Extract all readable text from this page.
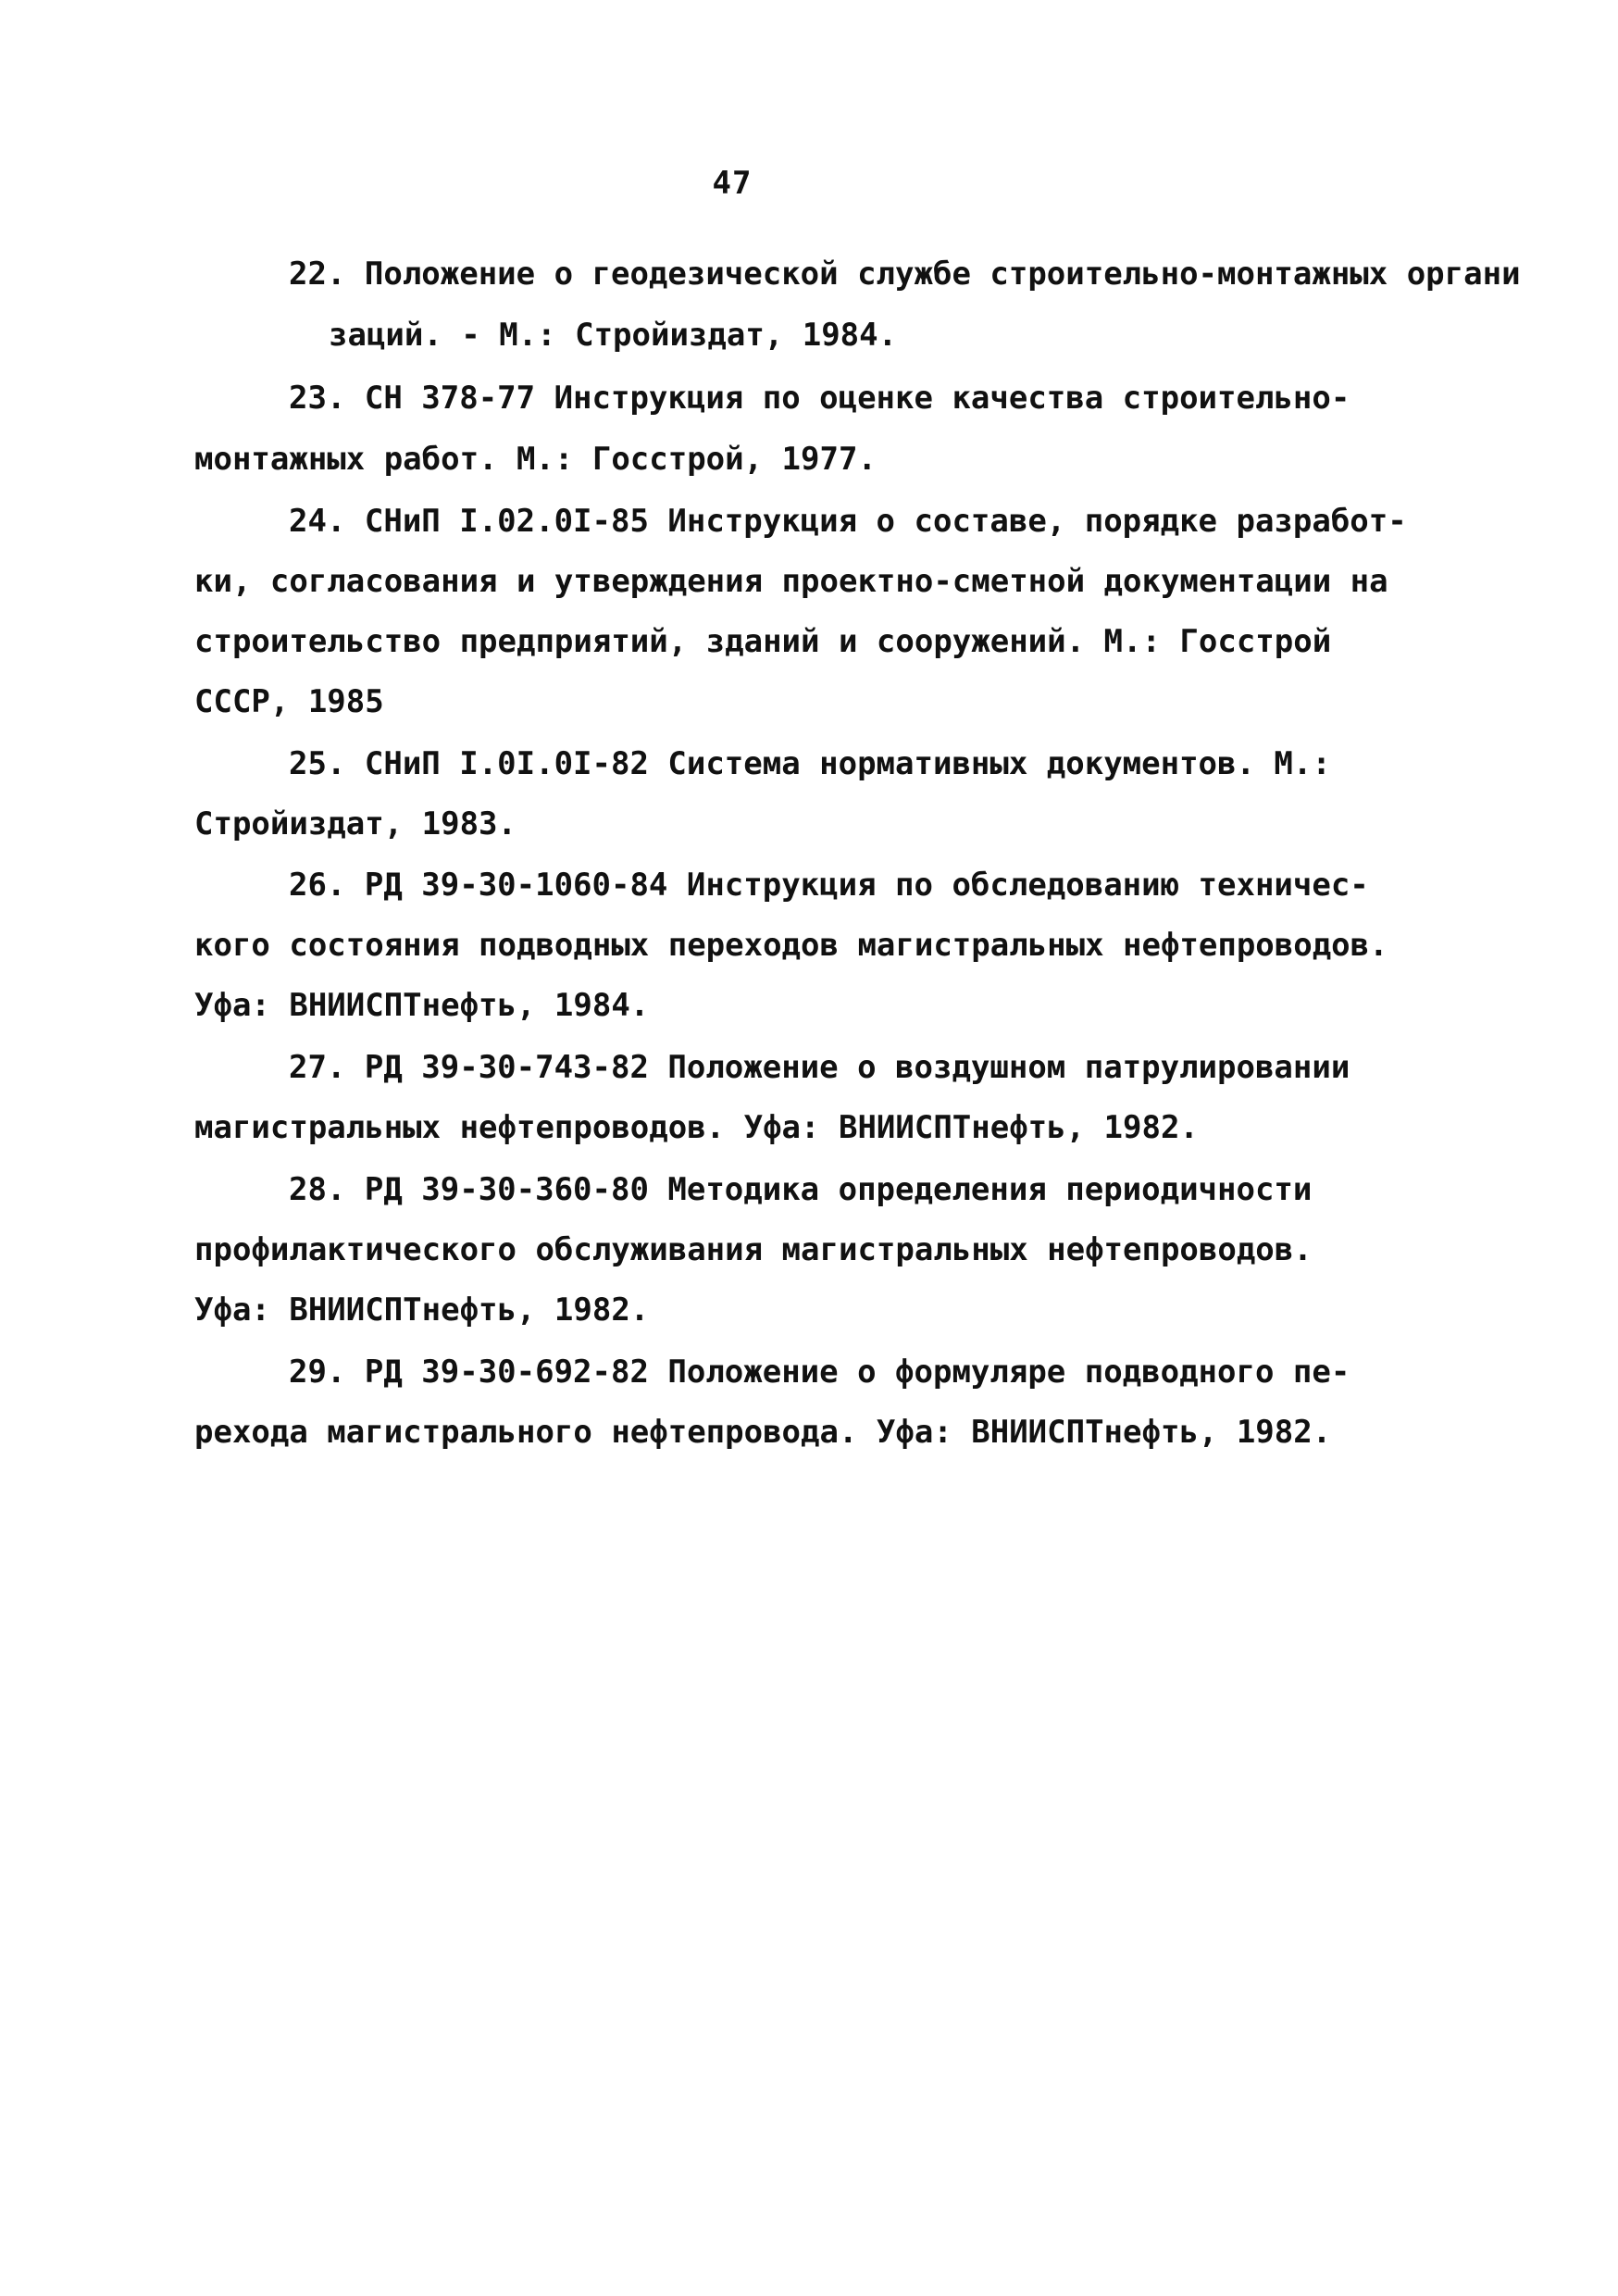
47
22. Положение о геодезической службе строительно-монтажных органи
заций. - М.: Стройиздат, 1984.
23. СН 378-77 Инструкция по оценке качества строительно-
монтажных работ. М.: Госстрой, 1977.
24. СНиП I.02.0I-85 Инструкция о составе, порядке разработ-
ки, согласования и утверждения проектно-сметной документации на
строительство предприятий, зданий и сооружений. М.: Госстрой
СССР, 1985
25. СНиП I.0I.0I-82 Система нормативных документов. М.:
Стройиздат, 1983.
26. РД 39-30-1060-84 Инструкция по обследованию техничес-
кого состояния подводных переходов магистральных нефтепроводов.
Уфа: ВНИИСПТнефть, 1984.
27. РД 39-30-743-82 Положение о воздушном патрулировании
магистральных нефтепроводов. Уфа: ВНИИСПТнефть, 1982.
28. РД 39-30-360-80 Методика определения периодичности
профилактического обслуживания магистральных нефтепроводов.
Уфа: ВНИИСПТнефть, 1982.
29. РД 39-30-692-82 Положение о формуляре подводного пе-
рехода магистрального нефтепровода. Уфа: ВНИИСПТнефть, 1982.
